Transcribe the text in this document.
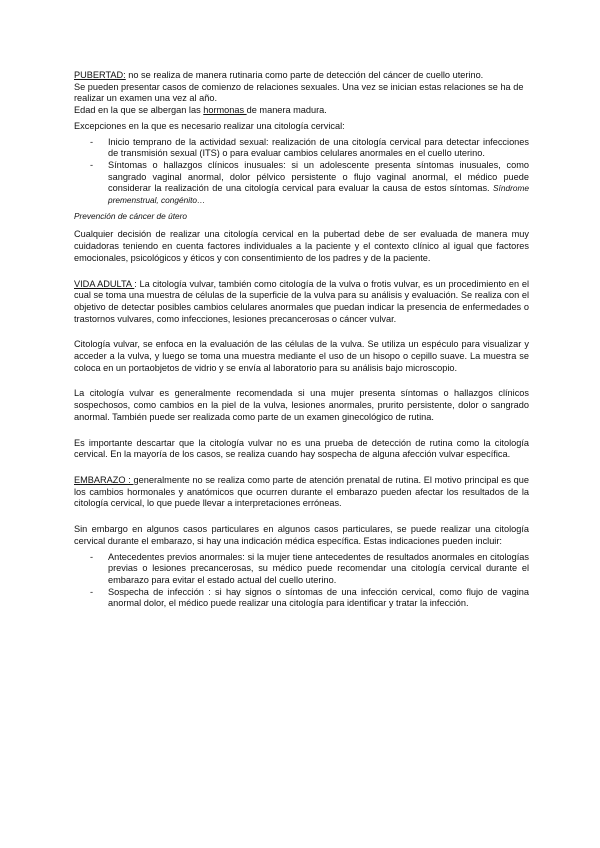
PUBERTAD: no se realiza de manera rutinaria como parte de detección del cáncer de cuello uterino.

Se pueden presentar casos de comienzo de relaciones sexuales. Una vez se inician estas relaciones se ha de realizar un examen una vez al año.

Edad en la que se albergan las hormonas de manera madura.

Excepciones en la que es necesario realizar una citología cervical:

- Inicio temprano de la actividad sexual: realización de una citología cervical para detectar infecciones de transmisión sexual (ITS) o para evaluar cambios celulares anormales en el cuello uterino.
- Síntomas o hallazgos clínicos inusuales: si un adolescente presenta síntomas inusuales, como sangrado vaginal anormal, dolor pélvico persistente o flujo vaginal anormal, el médico puede considerar la realización de una citología cervical para evaluar la causa de estos síntomas. Síndrome premenstrual, congénito…

Prevención de cáncer de útero

Cualquier decisión de realizar una citología cervical en la pubertad debe de ser evaluada de manera muy cuidadoras teniendo en cuenta factores individuales a la paciente y el contexto clínico al igual que factores emocionales, psicológicos y éticos y con consentimiento de los padres y de la paciente.

VIDA ADULTA : La citología vulvar, también como citología de la vulva o frotis vulvar, es un procedimiento en el cual se toma una muestra de células de la superficie de la vulva para su análisis y evaluación. Se realiza con el objetivo de detectar posibles cambios celulares anormales que puedan indicar la presencia de enfermedades o trastornos vulvares, como infecciones, lesiones precancerosas o cáncer vulvar.

Citología vulvar, se enfoca en la evaluación de las células de la vulva. Se utiliza un espéculo para visualizar y acceder a la vulva, y luego se toma una muestra mediante el uso de un hisopo o cepillo suave. La muestra se coloca en un portaobjetos de vidrio y se envía al laboratorio para su análisis bajo microscopio.

La citología vulvar es generalmente recomendada si una mujer presenta síntomas o hallazgos clínicos sospechosos, como cambios en la piel de la vulva, lesiones anormales, prurito persistente, dolor o sangrado anormal. También puede ser realizada como parte de un examen ginecológico de rutina.

Es importante descartar que la citología vulvar no es una prueba de detección de rutina como la citología cervical. En la mayoría de los casos, se realiza cuando hay sospecha de alguna afección vulvar específica.

EMBARAZO : generalmente no se realiza como parte de atención prenatal de rutina. El motivo principal es que los cambios hormonales y anatómicos que ocurren durante el embarazo pueden afectar los resultados de la citología cervical, lo que puede llevar a interpretaciones erróneas.

Sin embargo en algunos casos particulares en algunos casos particulares, se puede realizar una citología cervical durante el embarazo, si hay una indicación médica específica. Estas indicaciones pueden incluir:

- Antecedentes previos anormales: si la mujer tiene antecedentes de resultados anormales en citologías previas o lesiones precancerosas, su médico puede recomendar una citología cervical durante el embarazo para evitar el estado actual del cuello uterino.
- Sospecha de infección : si hay signos o síntomas de una infección cervical, como flujo de vagina anormal dolor, el médico puede realizar una citología para identificar y tratar la infección.
